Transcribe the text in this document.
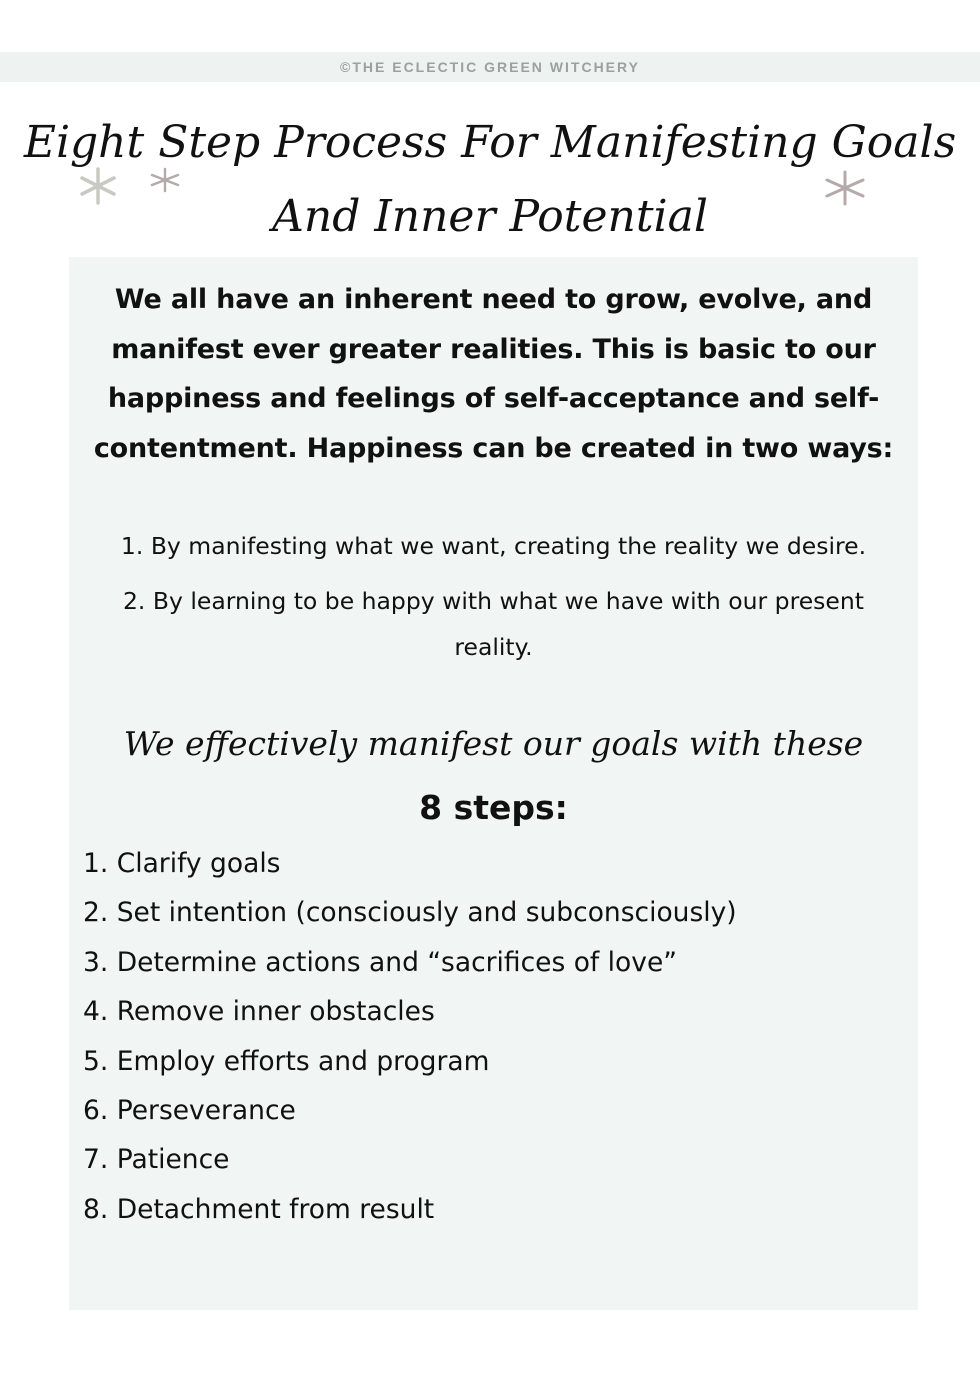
©THE ECLECTIC GREEN WITCHERY
Eight Step Process For Manifesting Goals
And Inner Potential

We all have an inherent need to grow, evolve, and manifest ever greater realities. This is basic to our happiness and feelings of self-acceptance and self-contentment. Happiness can be created in two ways:

1. By manifesting what we want, creating the reality we desire.
2. By learning to be happy with what we have with our present reality.
We effectively manifest our goals with these
8 steps:
1. Clarify goals
2. Set intention (consciously and subconsciously)
3. Determine actions and “sacrifices of love”
4. Remove inner obstacles
5. Employ efforts and program
6. Perseverance
7. Patience
8. Detachment from result
